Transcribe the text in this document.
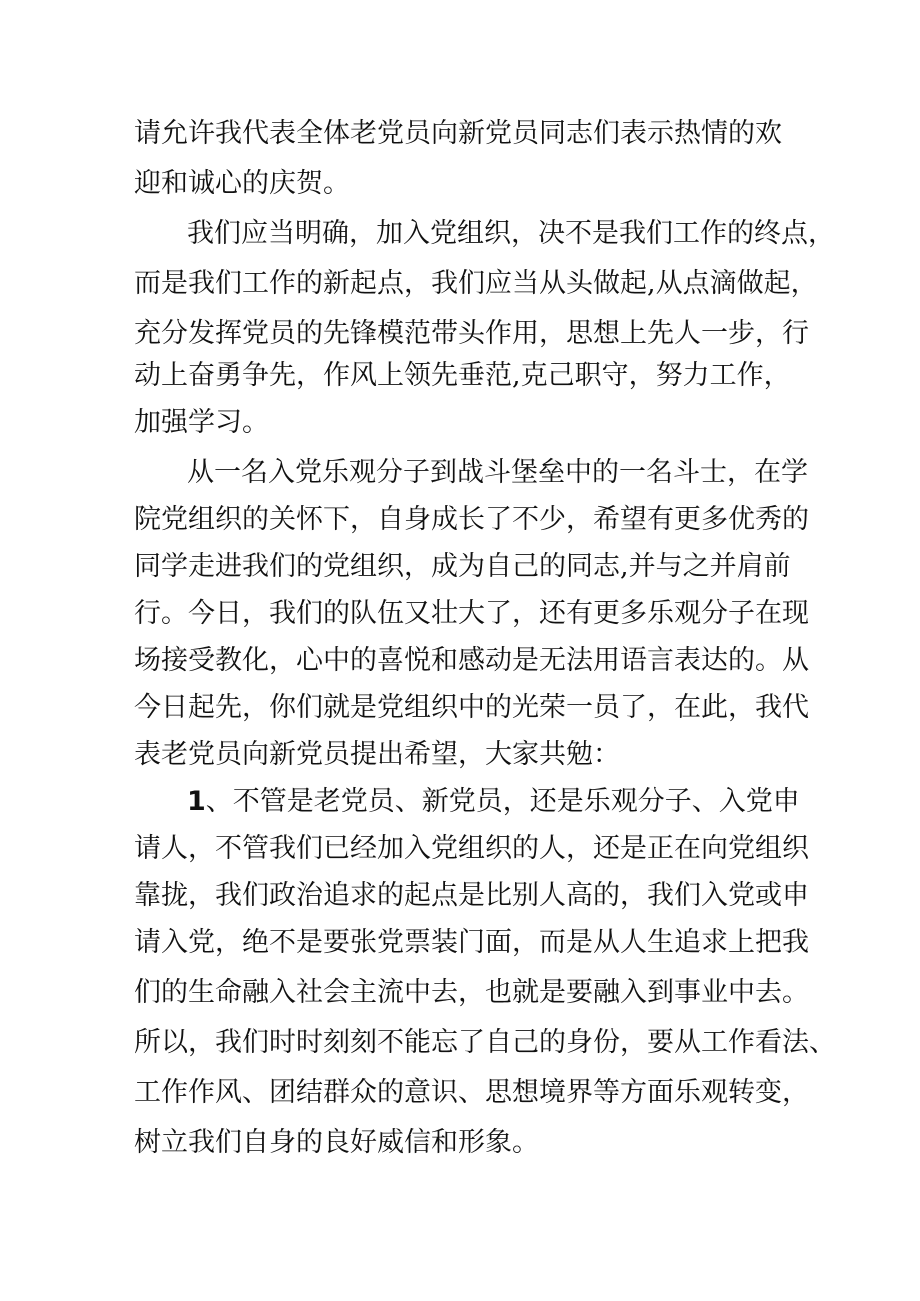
请允许我代表全体老党员向新党员同志们表示热情的欢
迎和诚心的庆贺。
我们应当明确，加入党组织，决不是我们工作的终点，
而是我们工作的新起点，我们应当从头做起,从点滴做起，
充分发挥党员的先锋模范带头作用，思想上先人一步，行
动上奋勇争先，作风上领先垂范,克己职守，努力工作，
加强学习。
从一名入党乐观分子到战斗堡垒中的一名斗士，在学
院党组织的关怀下，自身成长了不少，希望有更多优秀的
同学走进我们的党组织，成为自己的同志,并与之并肩前
行。今日，我们的队伍又壮大了，还有更多乐观分子在现
场接受教化，心中的喜悦和感动是无法用语言表达的。从
今日起先，你们就是党组织中的光荣一员了，在此，我代
表老党员向新党员提出希望，大家共勉：
1、不管是老党员、新党员，还是乐观分子、入党申
请人，不管我们已经加入党组织的人，还是正在向党组织
靠拢，我们政治追求的起点是比别人高的，我们入党或申
请入党，绝不是要张党票装门面，而是从人生追求上把我
们的生命融入社会主流中去，也就是要融入到事业中去。
所以，我们时时刻刻不能忘了自己的身份，要从工作看法、
工作作风、团结群众的意识、思想境界等方面乐观转变，
树立我们自身的良好威信和形象。
